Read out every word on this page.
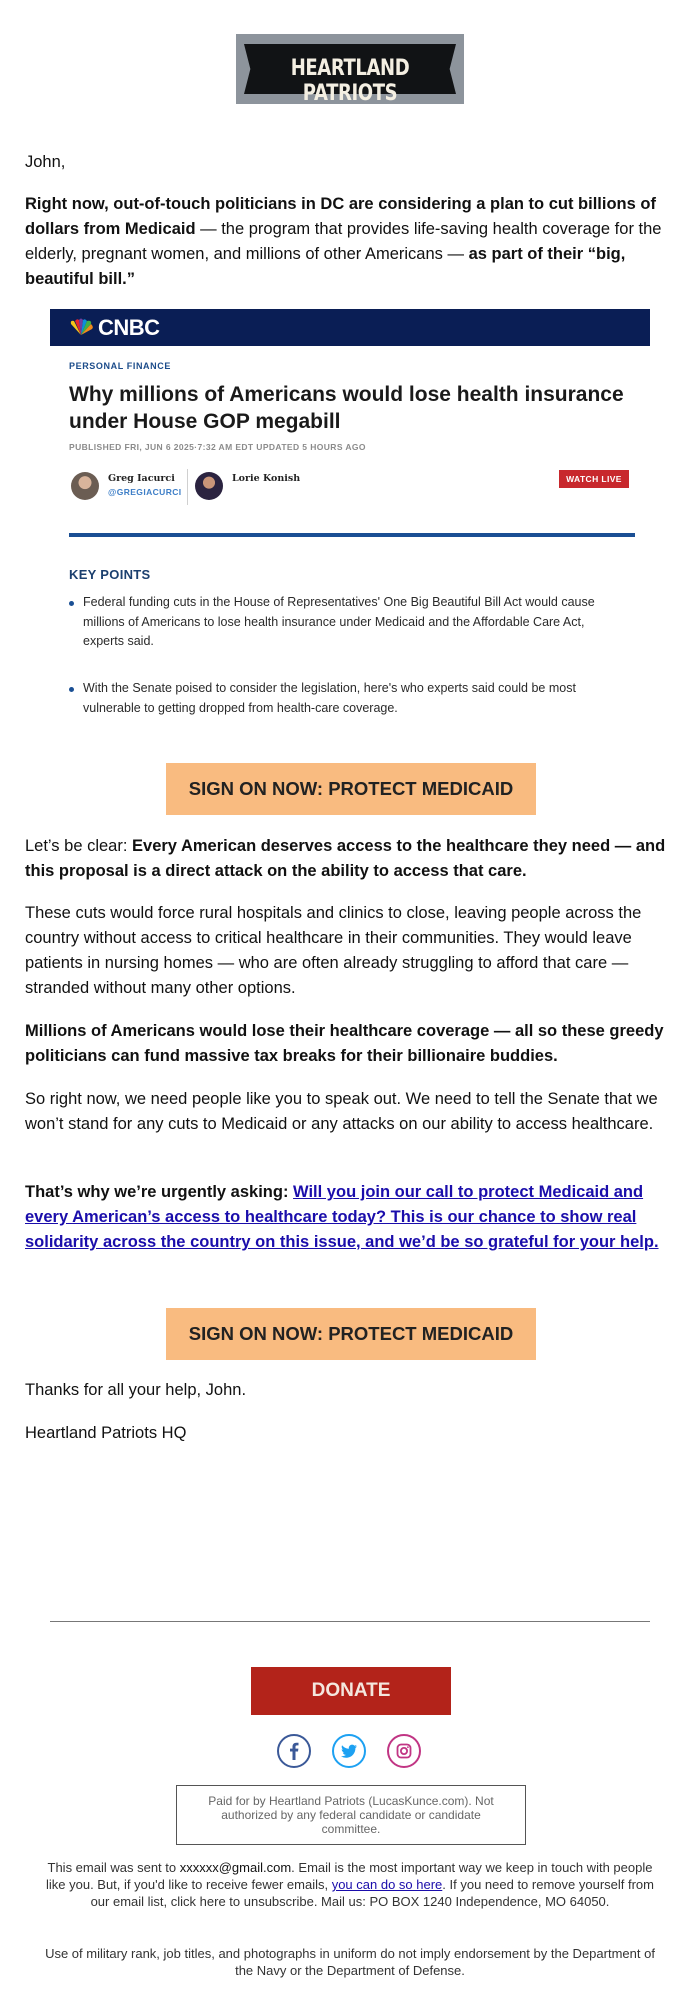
HEARTLAND PATRIOTS
John,
Right now, out-of-touch politicians in DC are considering a plan to cut billions of dollars from Medicaid — the program that provides life-saving health coverage for the elderly, pregnant women, and millions of other Americans — as part of their “big, beautiful bill.”
CNBC
PERSONAL FINANCE
Why millions of Americans would lose health insurance under House GOP megabill
PUBLISHED FRI, JUN 6 2025·7:32 AM EDT UPDATED 5 HOURS AGO
Greg Iacurci
@GREGIACURCI
Lorie Konish	WATCH LIVE
KEY POINTS
Federal funding cuts in the House of Representatives' One Big Beautiful Bill Act would cause millions of Americans to lose health insurance under Medicaid and the Affordable Care Act, experts said.
With the Senate poised to consider the legislation, here's who experts said could be most vulnerable to getting dropped from health-care coverage.
SIGN ON NOW: PROTECT MEDICAID
Let’s be clear: Every American deserves access to the healthcare they need — and this proposal is a direct attack on the ability to access that care.
These cuts would force rural hospitals and clinics to close, leaving people across the country without access to critical healthcare in their communities. They would leave patients in nursing homes — who are often already struggling to afford that care — stranded without many other options.
Millions of Americans would lose their healthcare coverage — all so these greedy politicians can fund massive tax breaks for their billionaire buddies.
So right now, we need people like you to speak out. We need to tell the Senate that we won’t stand for any cuts to Medicaid or any attacks on our ability to access healthcare.
That’s why we’re urgently asking: Will you join our call to protect Medicaid and every American’s access to healthcare today? This is our chance to show real solidarity across the country on this issue, and we’d be so grateful for your help.
SIGN ON NOW: PROTECT MEDICAID
Thanks for all your help, John.
Heartland Patriots HQ
DONATE
Paid for by Heartland Patriots (LucasKunce.com). Not authorized by any federal candidate or candidate committee.
This email was sent to xxxxxx@gmail.com. Email is the most important way we keep in touch with people like you. But, if you'd like to receive fewer emails, you can do so here. If you need to remove yourself from our email list, click here to unsubscribe. Mail us: PO BOX 1240 Independence, MO 64050.
Use of military rank, job titles, and photographs in uniform do not imply endorsement by the Department of the Navy or the Department of Defense.
